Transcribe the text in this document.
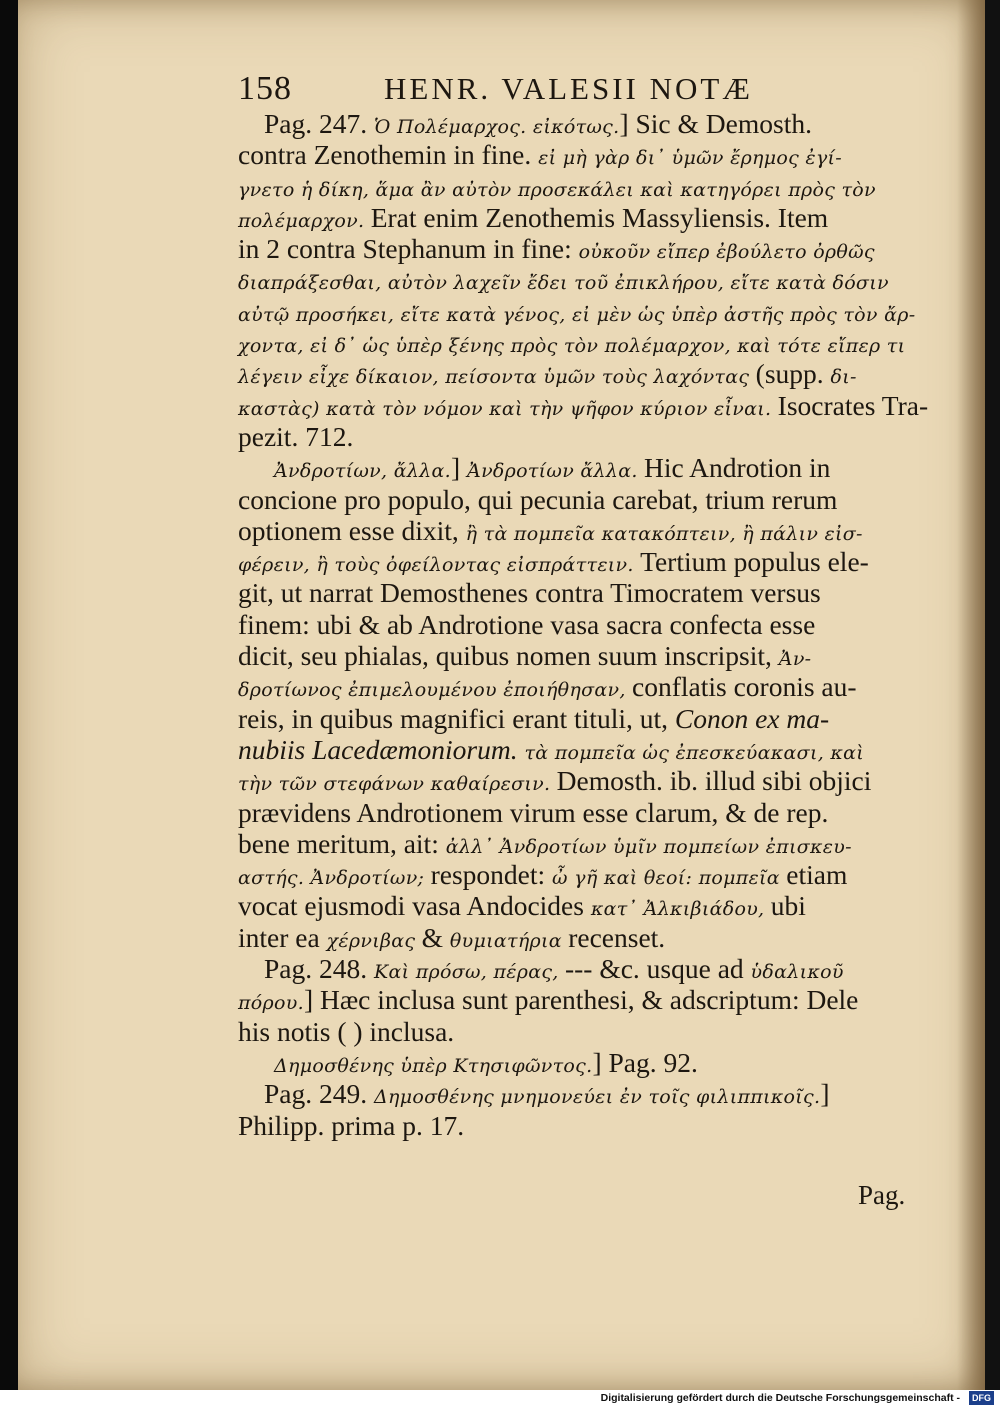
158	HENR. VALESII NOTÆ
Pag. 247. Ὁ Πολέμαρχος. εἰκότως.] Sic & Demosth.
contra Zenothemin in fine. εἰ μὴ γὰρ δι᾽ ὑμῶν ἔρημος ἐγί-
γνετο ἡ δίκη, ἅμα ἂν αὐτὸν προσεκάλει καὶ κατηγόρει πρὸς τὸν
πολέμαρχον. Erat enim Zenothemis Massyliensis. Item
in 2 contra Stephanum in fine: οὐκοῦν εἴπερ ἐβούλετο ὀρθῶς
διαπράξεσθαι, αὐτὸν λαχεῖν ἔδει τοῦ ἐπικλήρου, εἴτε κατὰ δόσιν
αὐτῷ προσήκει, εἴτε κατὰ γένος, εἰ μὲν ὡς ὑπὲρ ἀστῆς πρὸς τὸν ἄρ-
χοντα, εἰ δ᾽ ὡς ὑπὲρ ξένης πρὸς τὸν πολέμαρχον, καὶ τότε εἴπερ τι
λέγειν εἶχε δίκαιον, πείσοντα ὑμῶν τοὺς λαχόντας (supp. δι-
καστὰς) κατὰ τὸν νόμον καὶ τὴν ψῆφον κύριον εἶναι. Isocrates Tra-
pezit. 712.
Ἀνδροτίων, ἄλλα.] Ἀνδροτίων ἄλλα. Hic Androtion in
concione pro populo, qui pecunia carebat, trium rerum
optionem esse dixit, ἢ τὰ πομπεῖα κατακόπτειν, ἢ πάλιν εἰσ-
φέρειν, ἢ τοὺς ὀφείλοντας εἰσπράττειν. Tertium populus ele-
git, ut narrat Demosthenes contra Timocratem versus
finem: ubi & ab Androtione vasa sacra confecta esse
dicit, seu phialas, quibus nomen suum inscripsit, Ἀν-
δροτίωνος ἐπιμελουμένου ἐποιήθησαν, conflatis coronis au-
reis, in quibus magnifici erant tituli, ut, Conon ex ma-
nubiis Lacedæmoniorum. τὰ πομπεῖα ὡς ἐπεσκεύακασι, καὶ
τὴν τῶν στεφάνων καθαίρεσιν. Demosth. ib. illud sibi objici
prævidens Androtionem virum esse clarum, & de rep.
bene meritum, ait: ἀλλ᾽ Ἀνδροτίων ὑμῖν πομπείων ἐπισκευ-
αστής. Ἀνδροτίων; respondet: ὦ γῆ καὶ θεοί: πομπεῖα etiam
vocat ejusmodi vasa Andocides κατ᾽ Ἀλκιβιάδου, ubi
inter ea χέρνιβας & θυμιατήρια recenset.
Pag. 248. Καὶ πρόσω, πέρας, --- &c. usque ad ὑδαλικοῦ
πόρου.] Hæc inclusa sunt parenthesi, & adscriptum: Dele
his notis ( ) inclusa.
Δημοσθένης ὑπὲρ Κτησιφῶντος.] Pag. 92.
Pag. 249. Δημοσθένης μνημονεύει ἐν τοῖς φιλιππικοῖς.]
Philipp. prima p. 17.
Pag.
Digitalisierung gefördert durch die Deutsche Forschungsgemeinschaft -	DFG
